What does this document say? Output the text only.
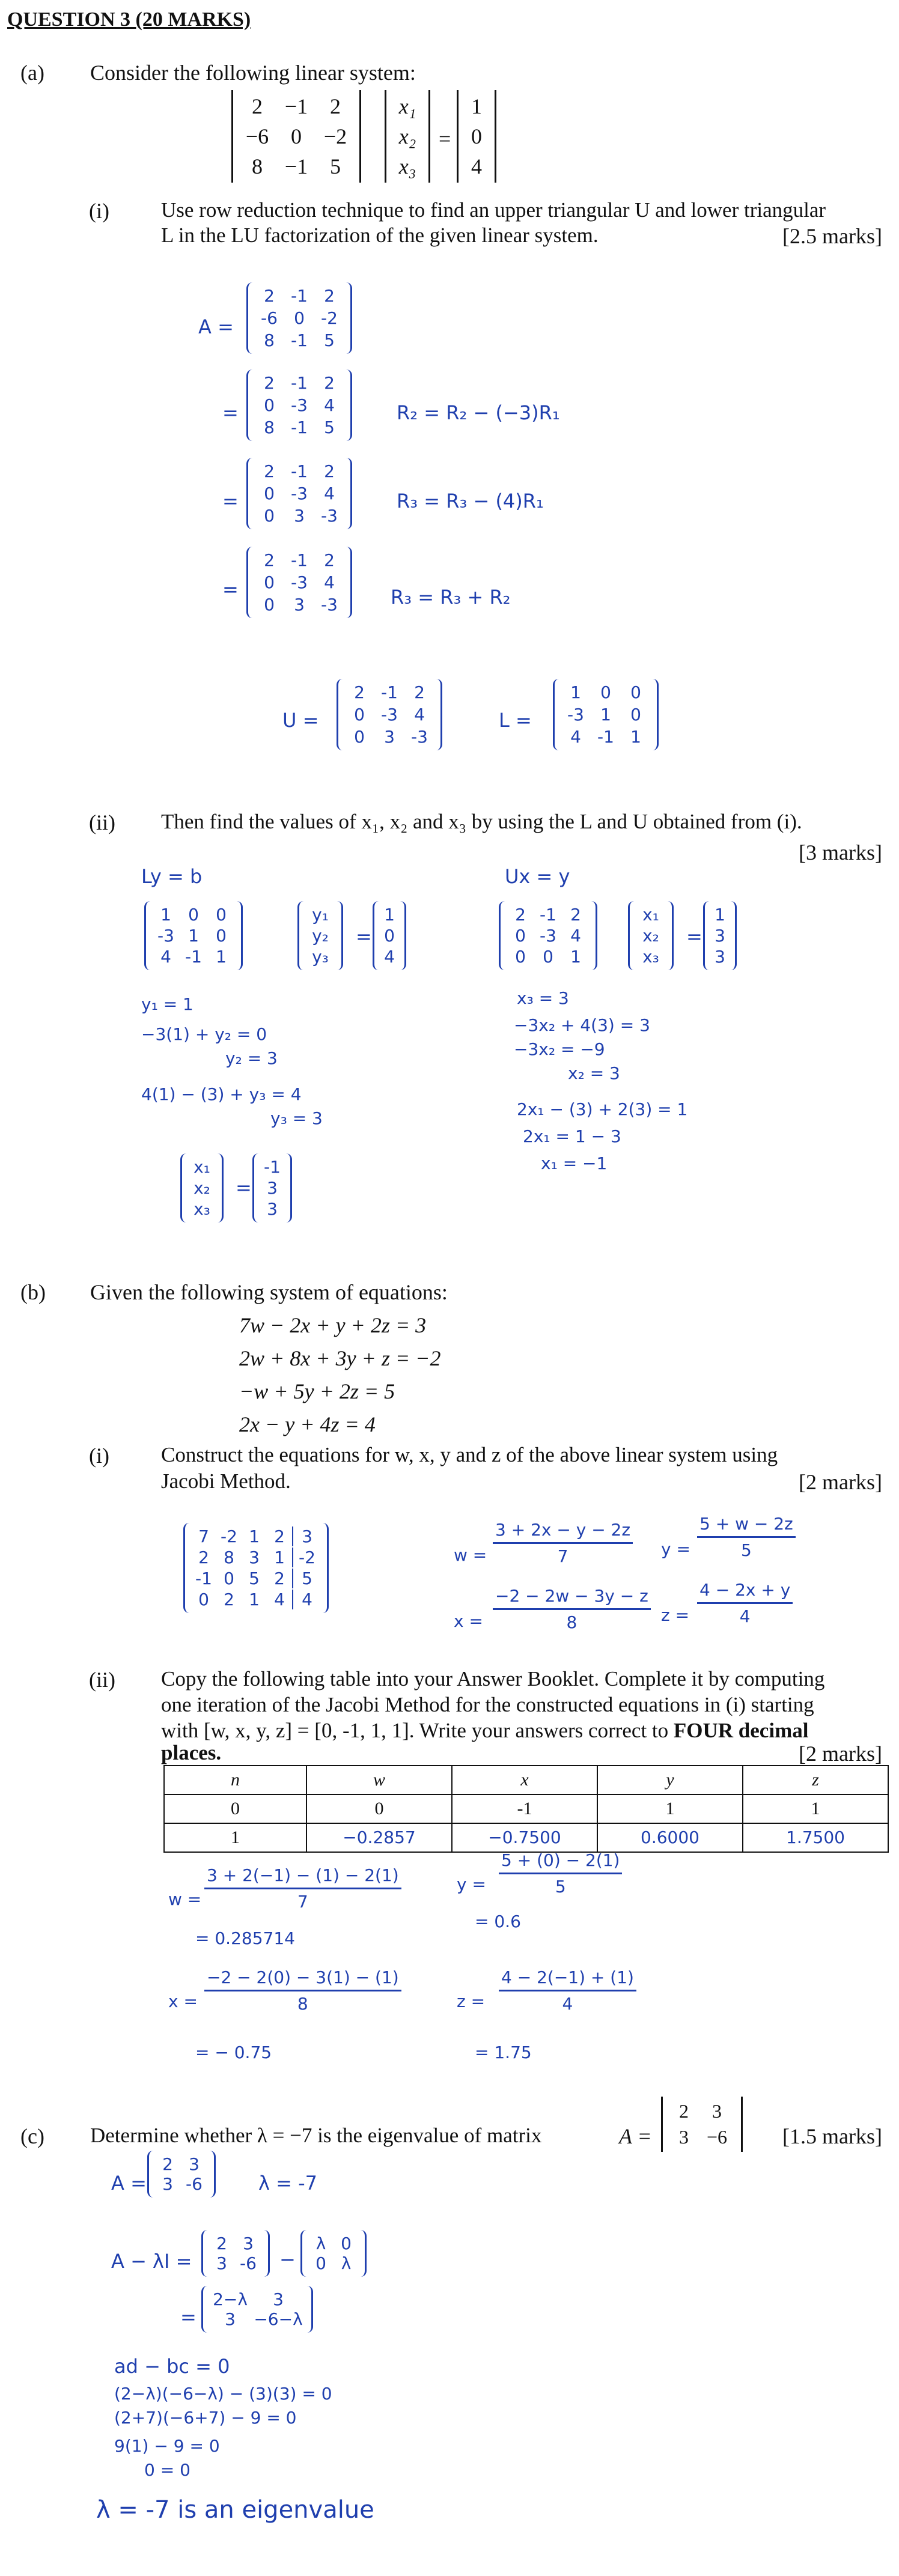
QUESTION 3 (20 MARKS)
(a) Consider the following linear system:
2 −1 2
−6 0 −2
8 −1 5
x₁
x₂
x₃
=
1
0
4
(i) Use row reduction technique to find an upper triangular U and lower triangular
L in the LU factorization of the given linear system.	[2.5 marks]
A =
2 -1 2
-6 0 -2
8 -1 5
=
2 -1 2
0 -3 4
8 -1 5
R₂ = R₂ − (−3)R₁
=
2 -1 2
0 -3 4
0 3 -3
R₃ = R₃ − (4)R₁
=
2 -1 2
0 -3 4
0 3 -3	R₃ = R₃ + R₂
U =
2 -1 2
0 -3 4
0 3 -3
L =
1 0 0
-3 1 0
4 -1 1
(ii) Then find the values of x₁, x₂ and x₃ by using the L and U obtained from (i).
[3 marks]
Ly = b
1 0 0
-3 1 0
4 -1 1
y₁
y₂
y₃
=
1
0
4
y₁ = 1
−3(1) + y₂ = 0
y₂ = 3
4(1) − (3) + y₃ = 4
y₃ = 3
x₁
x₂
x₃
=
-1
3
3
Ux = y
2 -1 2
0 -3 4
0 0 1
x₁
x₂
x₃
=
1
3
3
x₃ = 3
−3x₂ + 4(3) = 3
−3x₂ = −9
x₂ = 3
2x₁ − (3) + 2(3) = 1
2x₁ = 1 − 3
x₁ = −1
(b) Given the following system of equations:
7w − 2x + y + 2z = 3
2w + 8x + 3y + z = −2
−w + 5y + 2z = 5
2x − y + 4z = 4
(i) Construct the equations for w, x, y and z of the above linear system using
Jacobi Method.	[2 marks]
7 -2 1 2 3
2 8 3 1 -2
-1 0 5 2 5
0 2 1 4 4
$w = \frac{3 + 2x - y - 2z}{7}$ $y = \frac{5 + w - 2z}{5}$
$x = \frac{-2 - 2w - 3y - z}{8}$ $z = \frac{4 - 2x + y}{4}$
(ii) Copy the following table into your Answer Booklet. Complete it by computing
one iteration of the Jacobi Method for the constructed equations in (i) starting
with [w, x, y, z] = [0, -1, 1, 1]. Write your answers correct to FOUR decimal
places.	[2 marks]
n	w	x	y	z
0	0	-1	1	1
1	−0.2857	−0.7500	0.6000	1.7500
$w = \frac{3 + 2(-1) - (1) - 2(1)}{7}$
= 0.285714
$y = \frac{5 + (0) - 2(1)}{5}$
= 0.6
$x = \frac{-2 - 2(0) - 3(1) - (1)}{8}$
= − 0.75
$z = \frac{4 - 2(-1) + (1)}{4}$
= 1.75
(c) Determine whether λ = −7 is the eigenvalue of matrix	A =
2 3
3 −6	[1.5 marks]
A =
2 3
3 -6	λ = -7
A − λI =
2 3
3 -6 −
λ 0
0 λ
=
2−λ 3
3 −6−λ
ad − bc = 0
(2−λ)(−6−λ) − (3)(3) = 0
(2+7)(−6+7) − 9 = 0
9(1) − 9 = 0
0 = 0
λ = -7 is an eigenvalue
